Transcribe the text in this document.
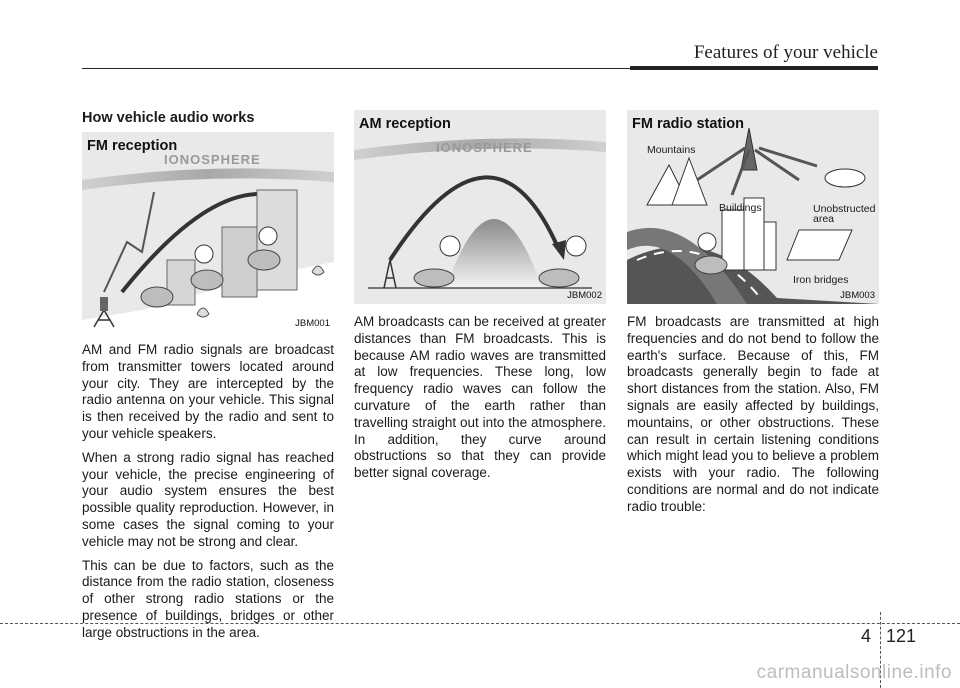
Features of your vehicle
How vehicle audio works
FM reception
IONOSPHERE
JBM001

AM and FM radio signals are broadcast from transmitter towers located around your city. They are intercepted by the radio antenna on your vehicle. This signal is then received by the radio and sent to your vehicle speakers.

When a strong radio signal has reached your vehicle, the precise engineering of your audio system ensures the best possible quality reproduction. However, in some cases the signal coming to your vehicle may not be strong and clear.

This can be due to factors, such as the distance from the radio station, closeness of other strong radio stations or the presence of buildings, bridges or other large obstructions in the area.

AM reception
IONOSPHERE
JBM002

AM broadcasts can be received at greater distances than FM broadcasts. This is because AM radio waves are transmitted at low frequencies. These long, low frequency radio waves can follow the curvature of the earth rather than travelling straight out into the atmosphere. In addition, they curve around obstructions so that they can provide better signal coverage.

FM radio station
Mountains
Buildings	Unobstructed
area
Iron bridges
JBM003

FM broadcasts are transmitted at high frequencies and do not bend to follow the earth's surface. Because of this, FM broadcasts generally begin to fade at short distances from the station. Also, FM signals are easily affected by buildings, mountains, or other obstructions. These can result in certain listening conditions which might lead you to believe a problem exists with your radio. The following conditions are normal and do not indicate radio trouble:

4 121
carmanualsonline.info
